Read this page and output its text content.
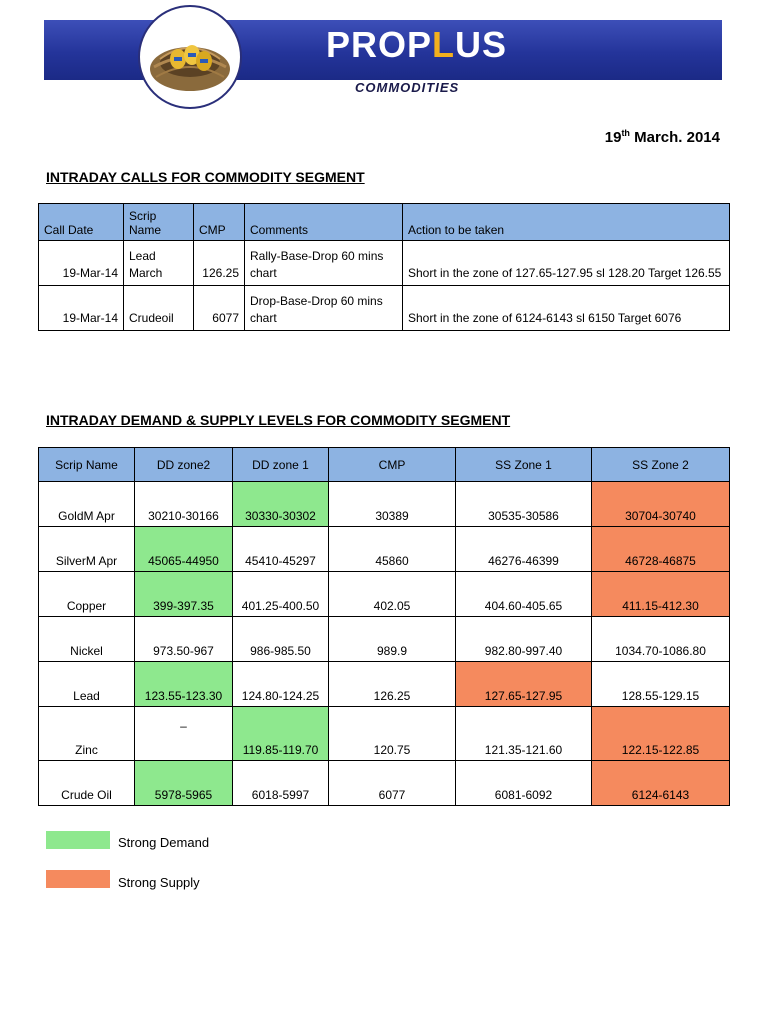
PROPLUS
COMMODITIES
19th March. 2014
INTRADAY CALLS FOR COMMODITY SEGMENT
Call Date	Scrip Name	CMP	Comments	Action to be taken
19-Mar-14	Lead March	126.25	Rally-Base-Drop 60 mins chart	Short in the zone of 127.65-127.95 sl 128.20 Target 126.55
19-Mar-14	Crudeoil	6077	Drop-Base-Drop 60 mins chart	Short in the zone of 6124-6143 sl 6150 Target 6076
INTRADAY DEMAND & SUPPLY LEVELS FOR COMMODITY SEGMENT
Scrip Name	DD zone2	DD zone 1	CMP	SS Zone 1	SS Zone 2
GoldM Apr	30210-30166	30330-30302	30389	30535-30586	30704-30740
SilverM Apr	45065-44950	45410-45297	45860	46276-46399	46728-46875
Copper	399-397.35	401.25-400.50	402.05	404.60-405.65	411.15-412.30
Nickel	973.50-967	986-985.50	989.9	982.80-997.40	1034.70-1086.80
Lead	123.55-123.30	124.80-124.25	126.25	127.65-127.95	128.55-129.15
Zinc	–	119.85-119.70	120.75	121.35-121.60	122.15-122.85
Crude Oil	5978-5965	6018-5997	6077	6081-6092	6124-6143
Strong Demand
Strong Supply
